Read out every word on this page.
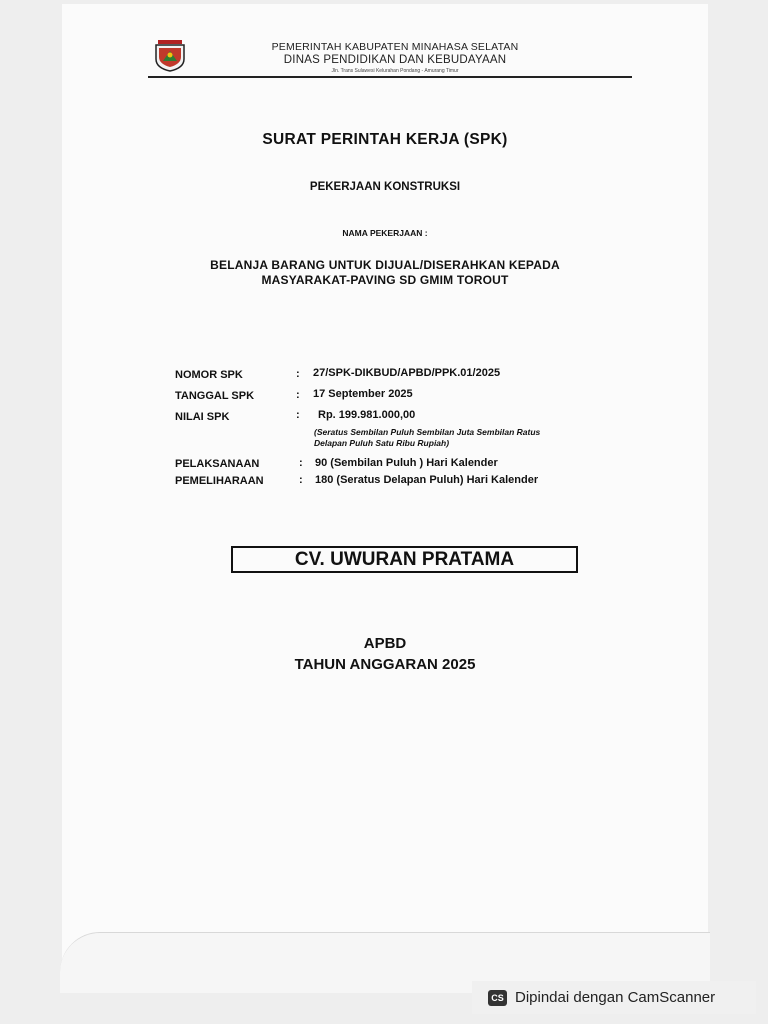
PEMERINTAH KABUPATEN MINAHASA SELATAN
DINAS PENDIDIKAN DAN KEBUDAYAAN
Jln. Trans Sulawesi Kelurahan Pondang - Amurang Timur
SURAT PERINTAH KERJA (SPK)
PEKERJAAN KONSTRUKSI
NAMA PEKERJAAN :
BELANJA BARANG UNTUK DIJUAL/DISERAHKAN KEPADA
MASYARAKAT-PAVING SD GMIM TOROUT
NOMOR SPK	: 27/SPK-DIKBUD/APBD/PPK.01/2025
TANGGAL SPK	: 17 September 2025
NILAI SPK	: Rp. 199.981.000,00
(Seratus Sembilan Puluh Sembilan Juta Sembilan Ratus
Delapan Puluh Satu Ribu Rupiah)
PELAKSANAAN	: 90 (Sembilan Puluh ) Hari Kalender
PEMELIHARAAN	: 180 (Seratus Delapan Puluh) Hari Kalender
CV. UWURAN PRATAMA
APBD
TAHUN ANGGARAN 2025
CS Dipindai dengan CamScanner
